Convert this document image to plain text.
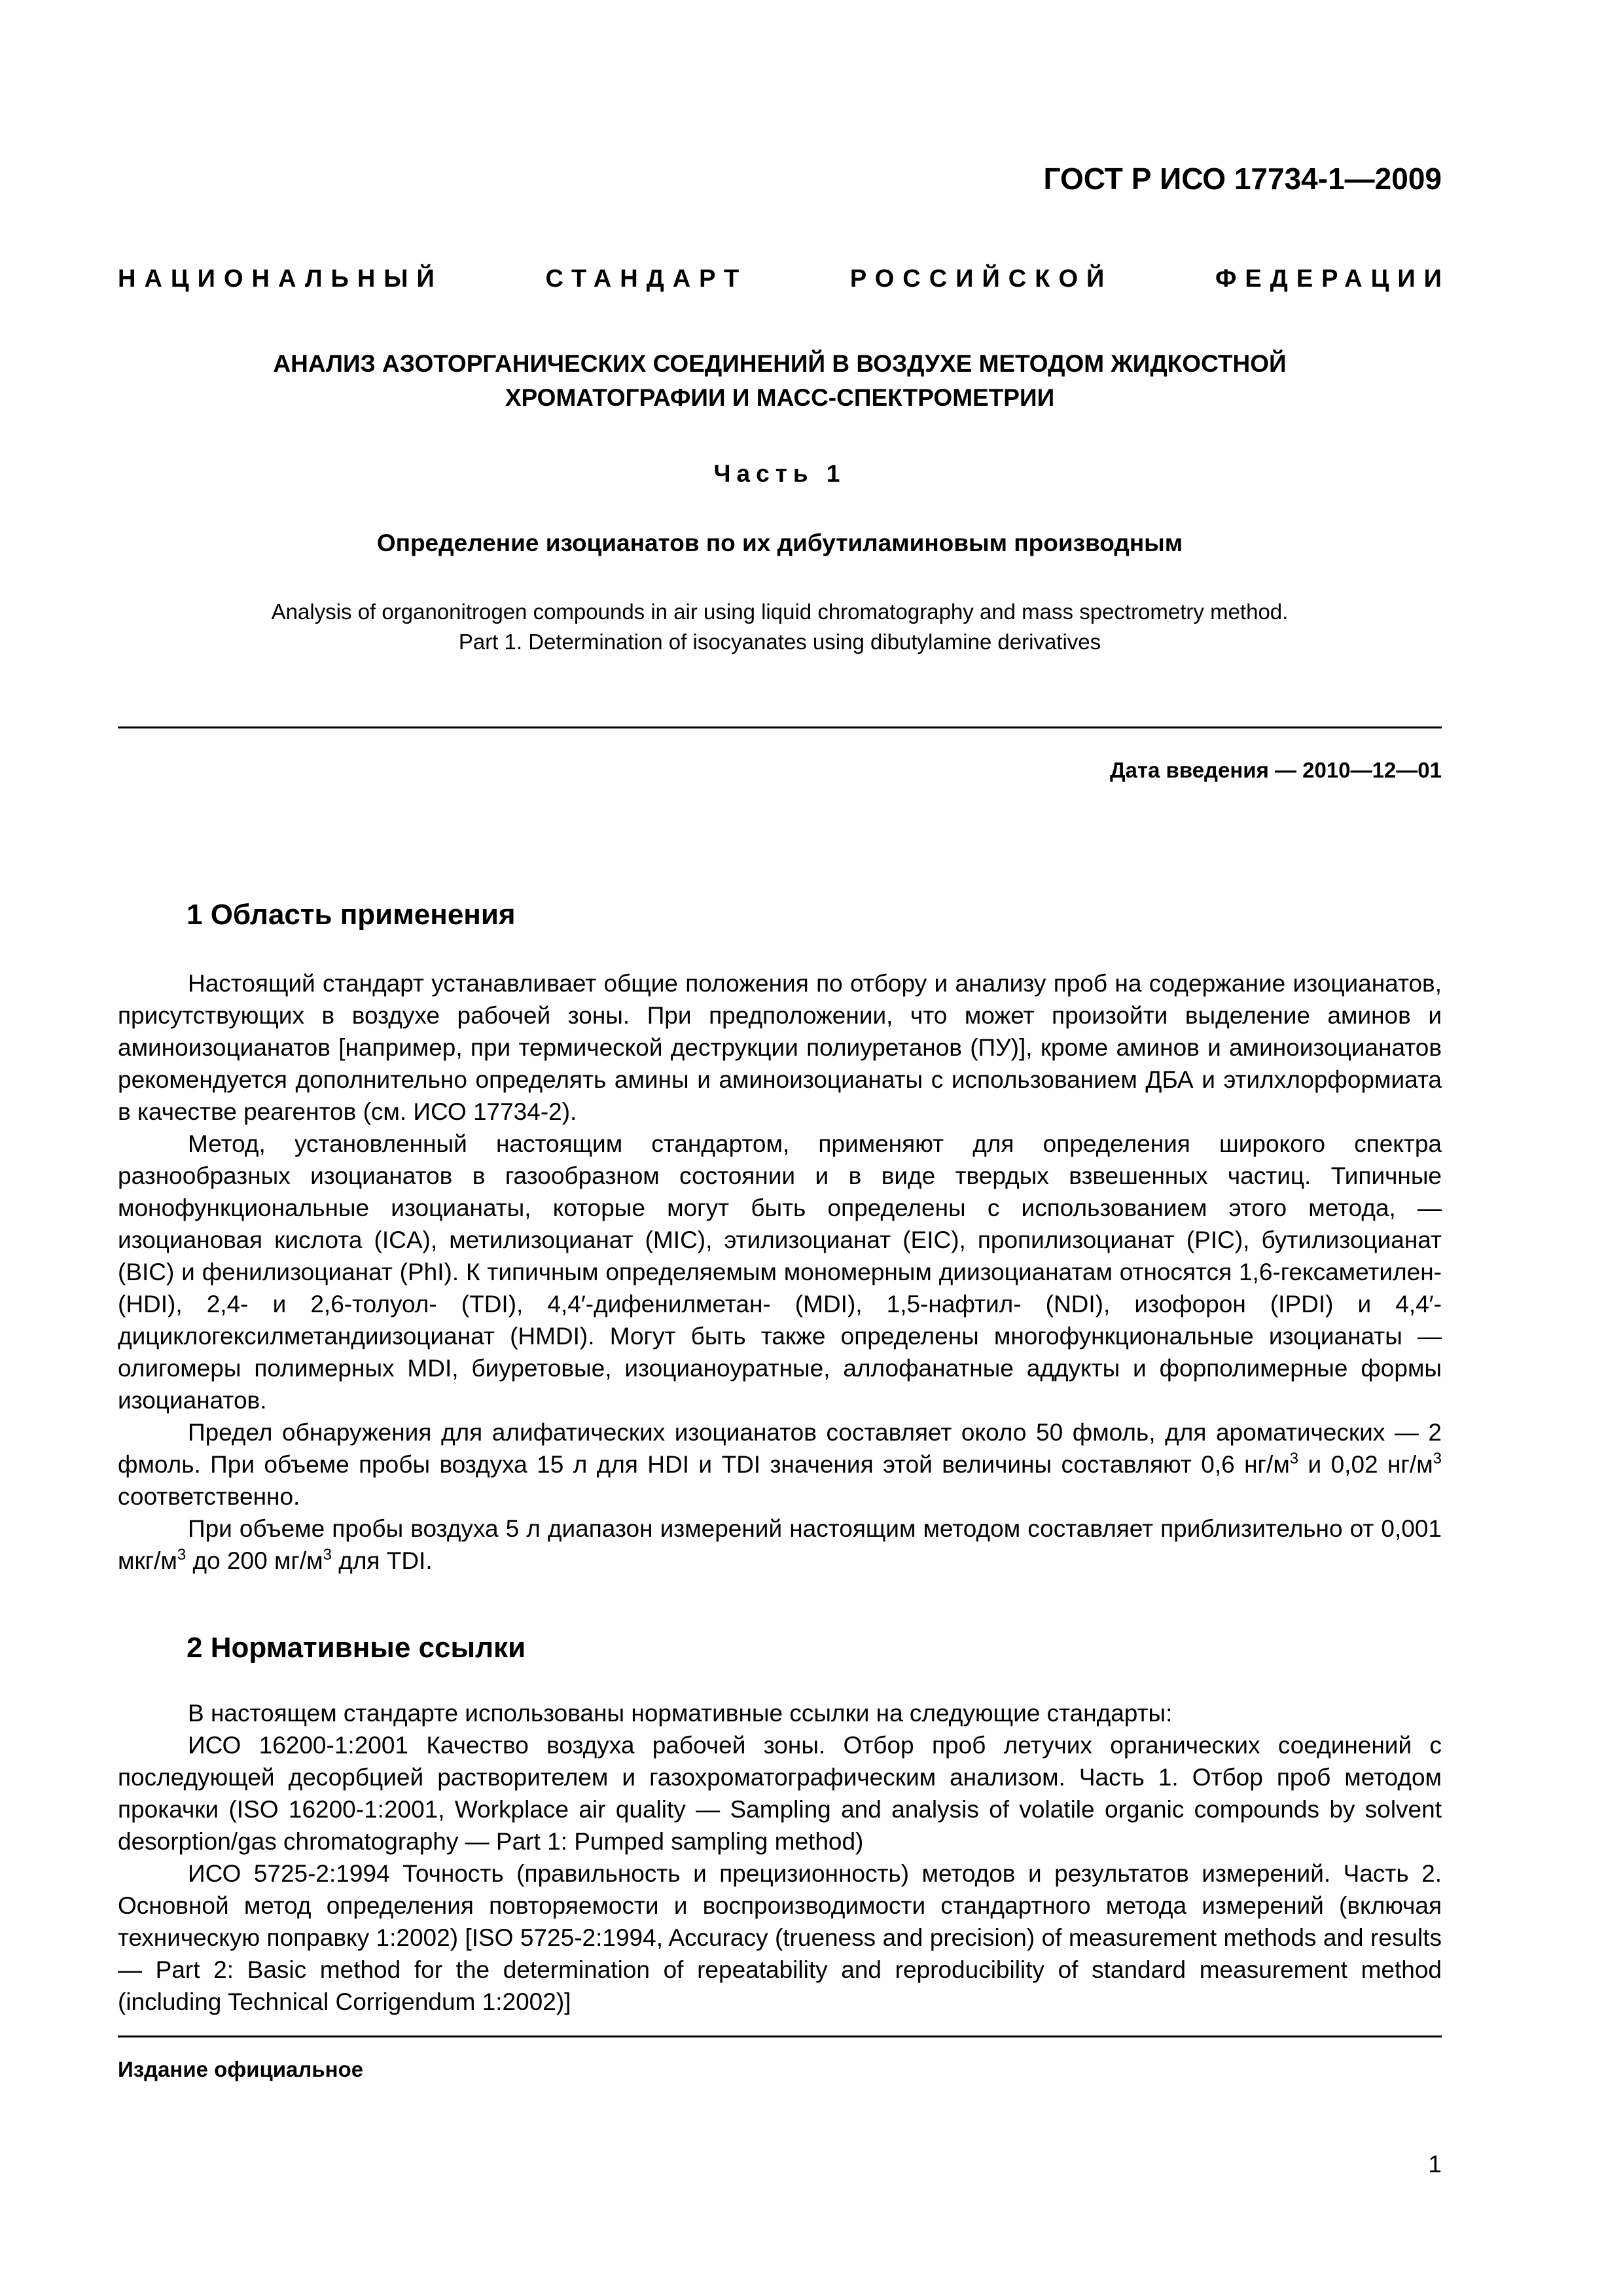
ГОСТ Р ИСО 17734-1—2009
НАЦИОНАЛЬНЫЙ	СТАНДАРТ	РОССИЙСКОЙ	ФЕДЕРАЦИИ
АНАЛИЗ АЗОТОРГАНИЧЕСКИХ СОЕДИНЕНИЙ В ВОЗДУХЕ МЕТОДОМ ЖИДКОСТНОЙ
ХРОМАТОГРАФИИ И МАСС-СПЕКТРОМЕТРИИ
Часть 1
Определение изоцианатов по их дибутиламиновым производным
Analysis of organonitrogen compounds in air using liquid chromatography and mass spectrometry method.
Part 1. Determination of isocyanates using dibutylamine derivatives
Дата введения — 2010—12—01
1 Область применения

Настоящий стандарт устанавливает общие положения по отбору и анализу проб на содержание изоцианатов, присутствующих в воздухе рабочей зоны. При предположении, что может произойти выделение аминов и аминоизоцианатов [например, при термической деструкции полиуретанов (ПУ)], кроме аминов и аминоизоцианатов рекомендуется дополнительно определять амины и аминоизоцианаты с использованием ДБА и этилхлорформиата в качестве реагентов (см. ИСО 17734-2).

Метод, установленный настоящим стандартом, применяют для определения широкого спектра разнообразных изоцианатов в газообразном состоянии и в виде твердых взвешенных частиц. Типичные монофункциональные изоцианаты, которые могут быть определены с использованием этого метода, — изоциановая кислота (ICA), метилизоцианат (MIC), этилизоцианат (EIC), пропилизоцианат (PIC), бутилизоцианат (BIC) и фенилизоцианат (PhI). К типичным определяемым мономерным диизоцианатам относятся 1,6-гексаметилен- (HDI), 2,4- и 2,6-толуол- (TDI), 4,4′-дифенилметан- (MDI), 1,5-нафтил- (NDI), изофорон (IPDI) и 4,4′-дициклогексилметандиизоцианат (HMDI). Могут быть также определены многофункциональные изоцианаты — олигомеры полимерных MDI, биуретовые, изоцианоуратные, аллофанатные аддукты и форполимерные формы изоцианатов.

Предел обнаружения для алифатических изоцианатов составляет около 50 фмоль, для ароматических — 2 фмоль. При объеме пробы воздуха 15 л для HDI и TDI значения этой величины составляют 0,6 $нг/м^3$ и 0,02 $нг/м^3$ соответственно.

При объеме пробы воздуха 5 л диапазон измерений настоящим методом составляет приблизительно от 0,001 мкг/$м^3$ до 200 $мг/м^3$ для TDI.

2 Нормативные ссылки

В настоящем стандарте использованы нормативные ссылки на следующие стандарты:

ИСО 16200-1:2001 Качество воздуха рабочей зоны. Отбор проб летучих органических соединений с последующей десорбцией растворителем и газохроматографическим анализом. Часть 1. Отбор проб методом прокачки (ISO 16200-1:2001, Workplace air quality — Sampling and analysis of volatile organic compounds by solvent desorption/gas chromatography — Part 1: Pumped sampling method)

ИСО 5725-2:1994 Точность (правильность и прецизионность) методов и результатов измерений. Часть 2. Основной метод определения повторяемости и воспроизводимости стандартного метода измерений (включая техническую поправку 1:2002) [ISO 5725-2:1994, Accuracy (trueness and precision) of measurement methods and results — Part 2: Basic method for the determination of repeatability and reproducibility of standard measurement method (including Technical Corrigendum 1:2002)]

Издание официальное
1
